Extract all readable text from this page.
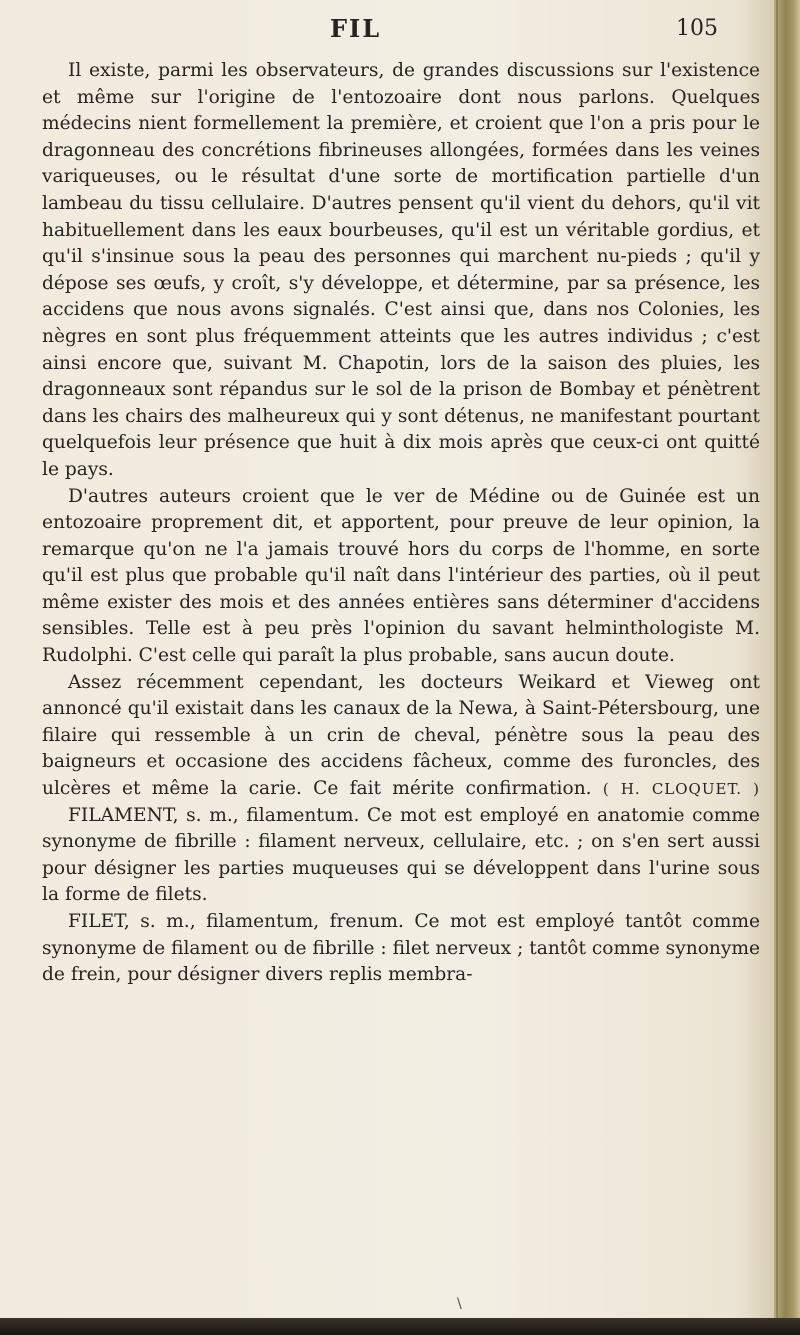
FIL	105

Il existe, parmi les observateurs, de grandes discussions sur l'existence et même sur l'origine de l'entozoaire dont nous parlons. Quelques médecins nient formellement la première, et croient que l'on a pris pour le dragonneau des concrétions fibrineuses allongées, formées dans les veines variqueuses, ou le résultat d'une sorte de mortification partielle d'un lambeau du tissu cellulaire. D'autres pensent qu'il vient du dehors, qu'il vit habituellement dans les eaux bourbeuses, qu'il est un véritable gordius, et qu'il s'insinue sous la peau des personnes qui marchent nu-pieds ; qu'il y dépose ses œufs, y croît, s'y développe, et détermine, par sa présence, les accidens que nous avons signalés. C'est ainsi que, dans nos Colonies, les nègres en sont plus fréquemment atteints que les autres individus ; c'est ainsi encore que, suivant M. Chapotin, lors de la saison des pluies, les dragonneaux sont répandus sur le sol de la prison de Bombay et pénètrent dans les chairs des malheureux qui y sont détenus, ne manifestant pourtant quelquefois leur présence que huit à dix mois après que ceux-ci ont quitté le pays.

D'autres auteurs croient que le ver de Médine ou de Guinée est un entozoaire proprement dit, et apportent, pour preuve de leur opinion, la remarque qu'on ne l'a jamais trouvé hors du corps de l'homme, en sorte qu'il est plus que probable qu'il naît dans l'intérieur des parties, où il peut même exister des mois et des années entières sans déterminer d'accidens sensibles. Telle est à peu près l'opinion du savant helminthologiste M. Rudolphi. C'est celle qui paraît la plus probable, sans aucun doute.

Assez récemment cependant, les docteurs Weikard et Vieweg ont annoncé qu'il existait dans les canaux de la Newa, à Saint-Pétersbourg, une filaire qui ressemble à un crin de cheval, pénètre sous la peau des baigneurs et occasione des accidens fâcheux, comme des furoncles, des ulcères et même la carie. Ce fait mérite confirmation. ( H. CLOQUET. )

FILAMENT, s. m., filamentum. Ce mot est employé en anatomie comme synonyme de fibrille : filament nerveux, cellulaire, etc. ; on s'en sert aussi pour désigner les parties muqueuses qui se développent dans l'urine sous la forme de filets.

FILET, s. m., filamentum, frenum. Ce mot est employé tantôt comme synonyme de filament ou de fibrille : filet nerveux ; tantôt comme synonyme de frein, pour désigner divers replis membra-

\
